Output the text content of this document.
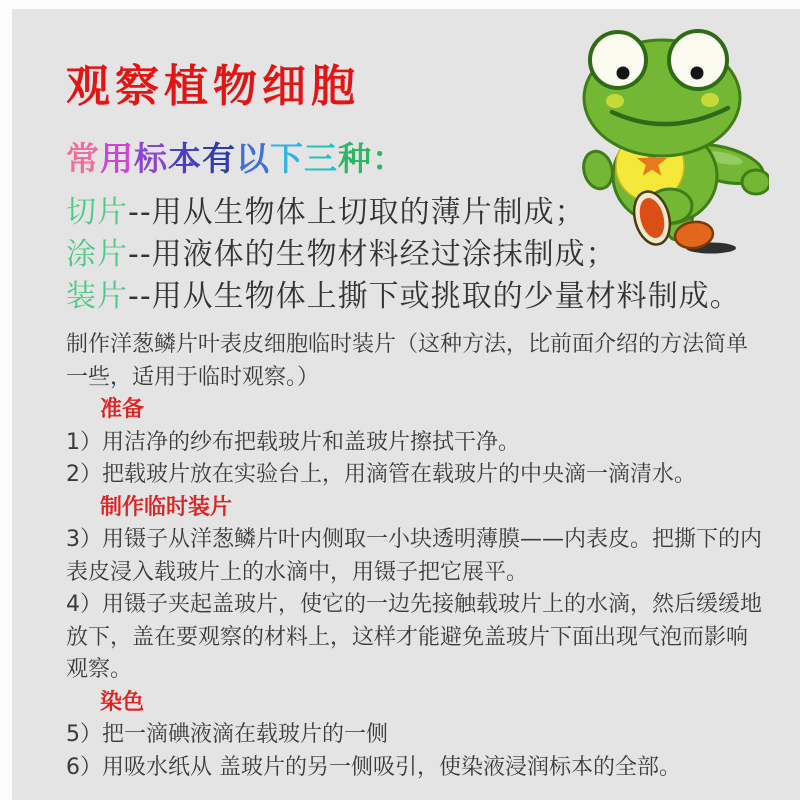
观察植物细胞
常用标本有以下三种：
切片--用从生物体上切取的薄片制成；
涂片--用液体的生物材料经过涂抹制成；
装片--用从生物体上撕下或挑取的少量材料制成。
制作洋葱鳞片叶表皮细胞临时装片（这种方法，比前面介绍的方法简单一些，适用于临时观察。）
准备
1）用洁净的纱布把载玻片和盖玻片擦拭干净。
2）把载玻片放在实验台上，用滴管在载玻片的中央滴一滴清水。
制作临时装片
3）用镊子从洋葱鳞片叶内侧取一小块透明薄膜——内表皮。把撕下的内表皮浸入载玻片上的水滴中，用镊子把它展平。
4）用镊子夹起盖玻片，使它的一边先接触载玻片上的水滴，然后缓缓地放下，盖在要观察的材料上，这样才能避免盖玻片下面出现气泡而影响观察。
染色
5）把一滴碘液滴在载玻片的一侧
6）用吸水纸从 盖玻片的另一侧吸引，使染液浸润标本的全部。
